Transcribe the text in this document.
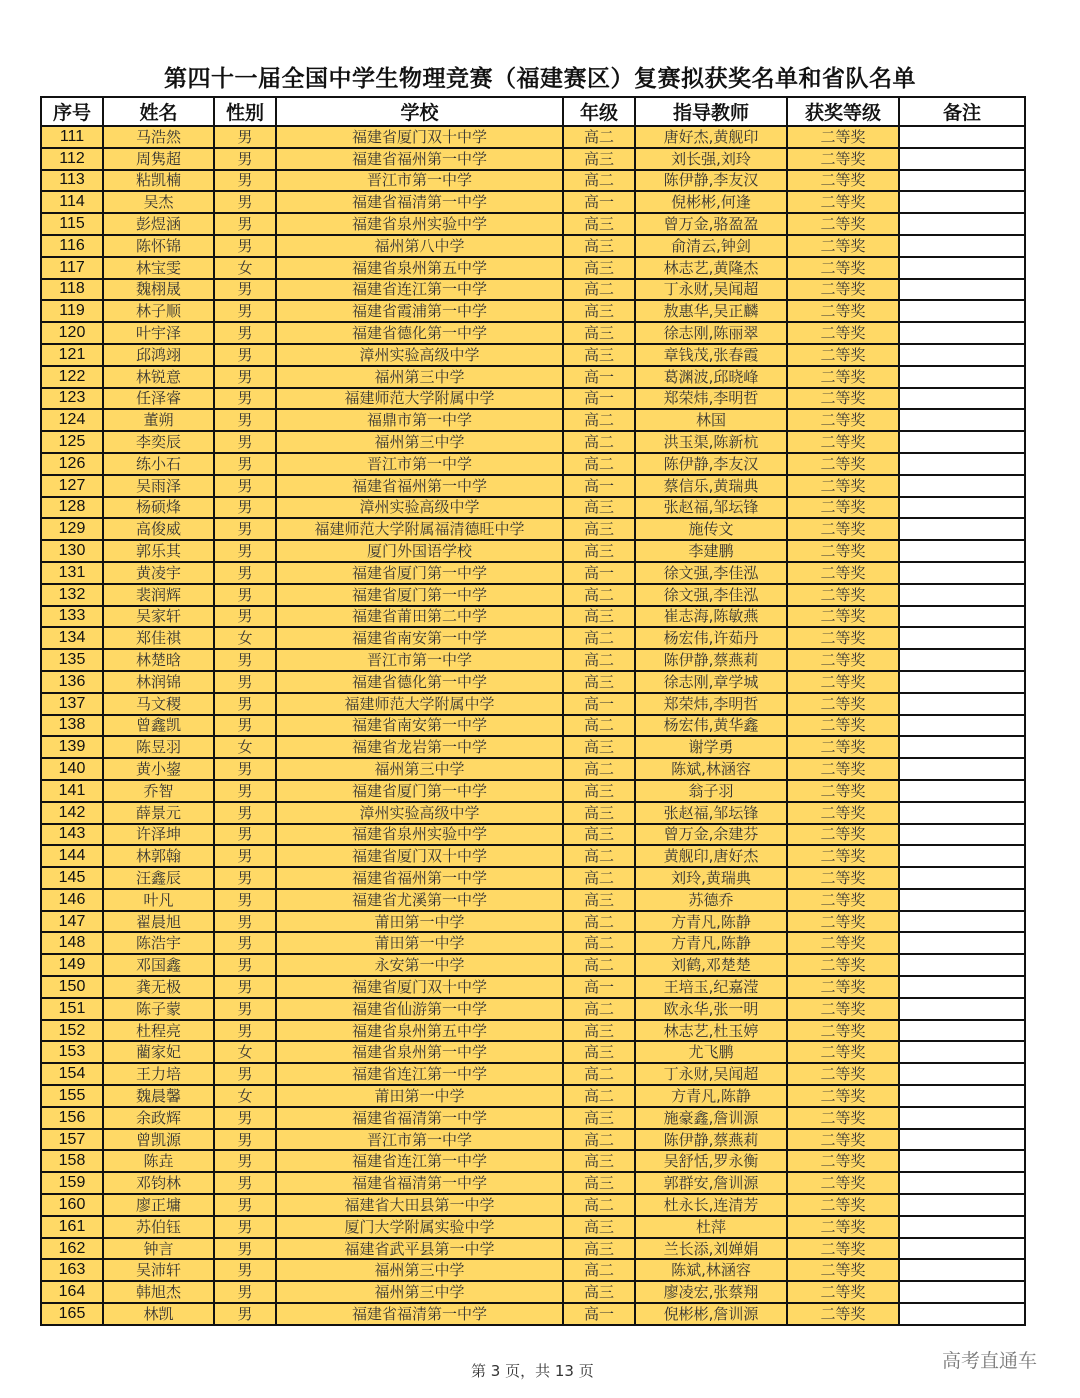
第四十一届全国中学生物理竞赛（福建赛区）复赛拟获奖名单和省队名单
序号	姓名	性别	学校	年级	指导教师	获奖等级	备注
111	马浩然	男	福建省厦门双十中学	高二	唐好杰,黄舰印	二等奖	
112	周隽超	男	福建省福州第一中学	高三	刘长强,刘玲	二等奖	
113	粘凯楠	男	晋江市第一中学	高二	陈伊静,李友汉	二等奖	
114	吴杰	男	福建省福清第一中学	高一	倪彬彬,何逢	二等奖	
115	彭煜涵	男	福建省泉州实验中学	高三	曾万金,骆盈盈	二等奖	
116	陈怀锦	男	福州第八中学	高三	俞清云,钟剑	二等奖	
117	林宝雯	女	福建省泉州第五中学	高三	林志艺,黄隆杰	二等奖	
118	魏栩晟	男	福建省连江第一中学	高二	丁永财,吴闻超	二等奖	
119	林子顺	男	福建省霞浦第一中学	高三	敖惠华,吴正麟	二等奖	
120	叶宇泽	男	福建省德化第一中学	高三	徐志刚,陈丽翠	二等奖	
121	邱鸿翊	男	漳州实验高级中学	高三	章钱茂,张春霞	二等奖	
122	林锐意	男	福州第三中学	高一	葛渊波,邱晓峰	二等奖	
123	任泽睿	男	福建师范大学附属中学	高一	郑荣炜,李明哲	二等奖	
124	董朔	男	福鼎市第一中学	高二	林国	二等奖	
125	李奕辰	男	福州第三中学	高二	洪玉渠,陈新杭	二等奖	
126	练小石	男	晋江市第一中学	高二	陈伊静,李友汉	二等奖	
127	吴雨泽	男	福建省福州第一中学	高一	蔡信乐,黄瑞典	二等奖	
128	杨硕烽	男	漳州实验高级中学	高三	张赵福,邹坛锋	二等奖	
129	高俊威	男	福建师范大学附属福清德旺中学	高三	施传文	二等奖	
130	郭乐其	男	厦门外国语学校	高三	李建鹏	二等奖	
131	黄凌宇	男	福建省厦门第一中学	高一	徐文强,李佳泓	二等奖	
132	裴润辉	男	福建省厦门第一中学	高二	徐文强,李佳泓	二等奖	
133	吴家轩	男	福建省莆田第二中学	高三	崔志海,陈敏燕	二等奖	
134	郑佳祺	女	福建省南安第一中学	高二	杨宏伟,许茹丹	二等奖	
135	林楚晗	男	晋江市第一中学	高二	陈伊静,蔡燕莉	二等奖	
136	林润锦	男	福建省德化第一中学	高三	徐志刚,章学城	二等奖	
137	马文稷	男	福建师范大学附属中学	高一	郑荣炜,李明哲	二等奖	
138	曾鑫凯	男	福建省南安第一中学	高二	杨宏伟,黄华鑫	二等奖	
139	陈昱羽	女	福建省龙岩第一中学	高三	谢学勇	二等奖	
140	黄小鋆	男	福州第三中学	高二	陈斌,林涵容	二等奖	
141	乔智	男	福建省厦门第一中学	高三	翁子羽	二等奖	
142	薛景元	男	漳州实验高级中学	高三	张赵福,邹坛锋	二等奖	
143	许泽坤	男	福建省泉州实验中学	高三	曾万金,余建芬	二等奖	
144	林郭翰	男	福建省厦门双十中学	高二	黄舰印,唐好杰	二等奖	
145	汪鑫辰	男	福建省福州第一中学	高二	刘玲,黄瑞典	二等奖	
146	叶凡	男	福建省尤溪第一中学	高三	苏德乔	二等奖	
147	翟晨旭	男	莆田第一中学	高二	方青凡,陈静	二等奖	
148	陈浩宇	男	莆田第一中学	高二	方青凡,陈静	二等奖	
149	邓国鑫	男	永安第一中学	高二	刘鹤,邓楚楚	二等奖	
150	龚无极	男	福建省厦门双十中学	高一	王培玉,纪嘉滢	二等奖	
151	陈子蒙	男	福建省仙游第一中学	高二	欧永华,张一明	二等奖	
152	杜程亮	男	福建省泉州第五中学	高三	林志艺,杜玉婷	二等奖	
153	藺家妃	女	福建省泉州第一中学	高三	尤飞鹏	二等奖	
154	王力培	男	福建省连江第一中学	高二	丁永财,吴闻超	二等奖	
155	魏晨馨	女	莆田第一中学	高二	方青凡,陈静	二等奖	
156	余政辉	男	福建省福清第一中学	高三	施豪鑫,詹训源	二等奖	
157	曾凯源	男	晋江市第一中学	高二	陈伊静,蔡燕莉	二等奖	
158	陈垚	男	福建省连江第一中学	高三	吴舒恬,罗永衡	二等奖	
159	邓钧林	男	福建省福清第一中学	高三	郭群安,詹训源	二等奖	
160	廖正墉	男	福建省大田县第一中学	高二	杜永长,连清芳	二等奖	
161	苏伯钰	男	厦门大学附属实验中学	高三	杜萍	二等奖	
162	钟言	男	福建省武平县第一中学	高三	兰长添,刘婵娟	二等奖	
163	吴沛轩	男	福州第三中学	高二	陈斌,林涵容	二等奖	
164	韩旭杰	男	福州第三中学	高三	廖凌宏,张蔡翔	二等奖	
165	林凯	男	福建省福清第一中学	高一	倪彬彬,詹训源	二等奖	
第 3 页，共 13 页	高考直通车
